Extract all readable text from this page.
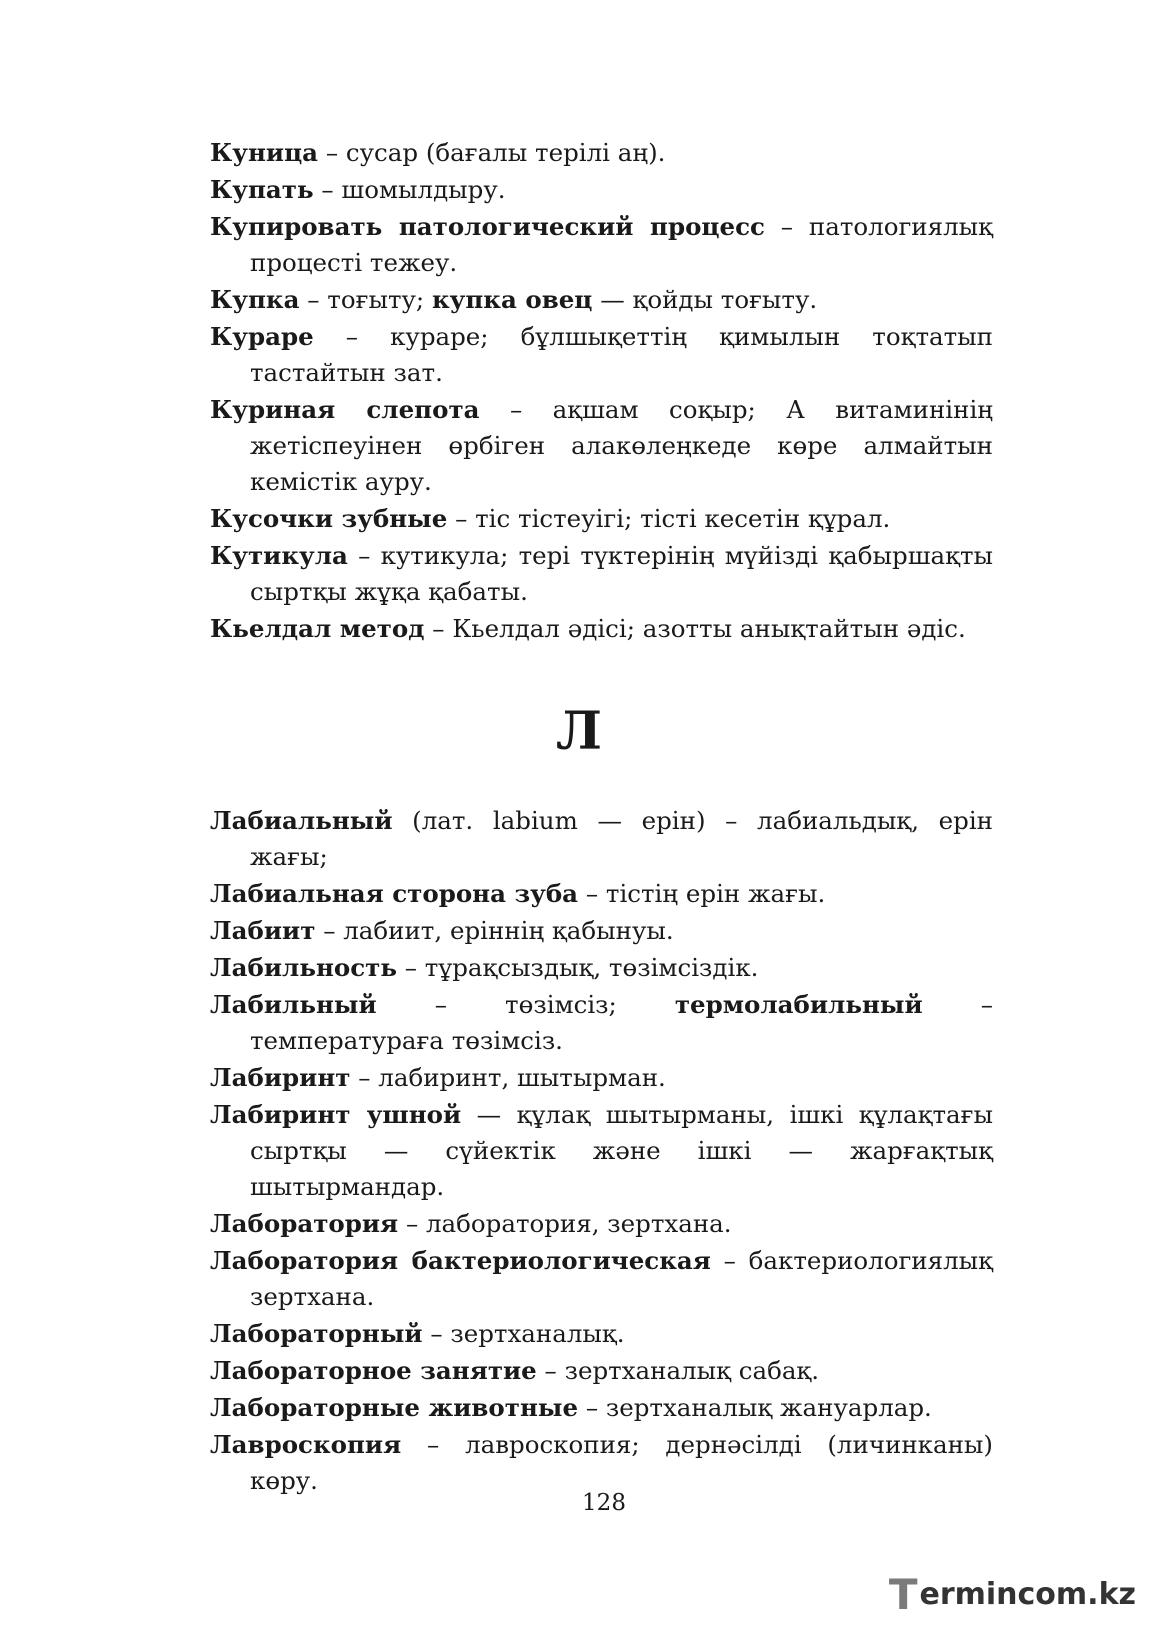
Куница – сусар (бағалы терілі аң).

Купать – шомылдыру.

Купировать патологический процесс – патологиялық процесті тежеу.

Купка – тоғыту; купка овец — қойды тоғыту.

Кураре – кураре; бұлшықеттің қимылын тоқтатып тастайтын зат.

Куриная слепота – ақшам соқыр; А витаминінің жетіспеуінен өрбіген алакөлеңкеде көре алмайтын кемістік ауру.

Кусочки зубные – тіс тістеуігі; тісті кесетін құрал.

Кутикула – кутикула; тері түктерінің мүйізді қабыршақты сыртқы жұқа қабаты.

Кьелдал метод – Кьелдал әдісі; азотты анықтайтын әдіс.

Л

Лабиальный (лат. labium — ерін) – лабиальдық, ерін жағы;

Лабиальная сторона зуба – тістің ерін жағы.

Лабиит – лабиит, еріннің қабынуы.

Лабильность – тұрақсыздық, төзімсіздік.

Лабильный – төзімсіз; термолабильный – температураға төзімсіз.

Лабиринт – лабиринт, шытырман.

Лабиринт ушной — құлақ шытырманы, ішкі құлақтағы сыртқы — сүйектік және ішкі — жарғақтық шытырмандар.

Лаборатория – лаборатория, зертхана.

Лаборатория бактериологическая – бактериологиялық зертхана.

Лабораторный – зертханалық.

Лабораторное занятие – зертханалық сабақ.

Лабораторные животные – зертханалық жануарлар.

Лавроскопия – лавроскопия; дернәсілді (личинканы) көру.

128
T ermincom.kz
